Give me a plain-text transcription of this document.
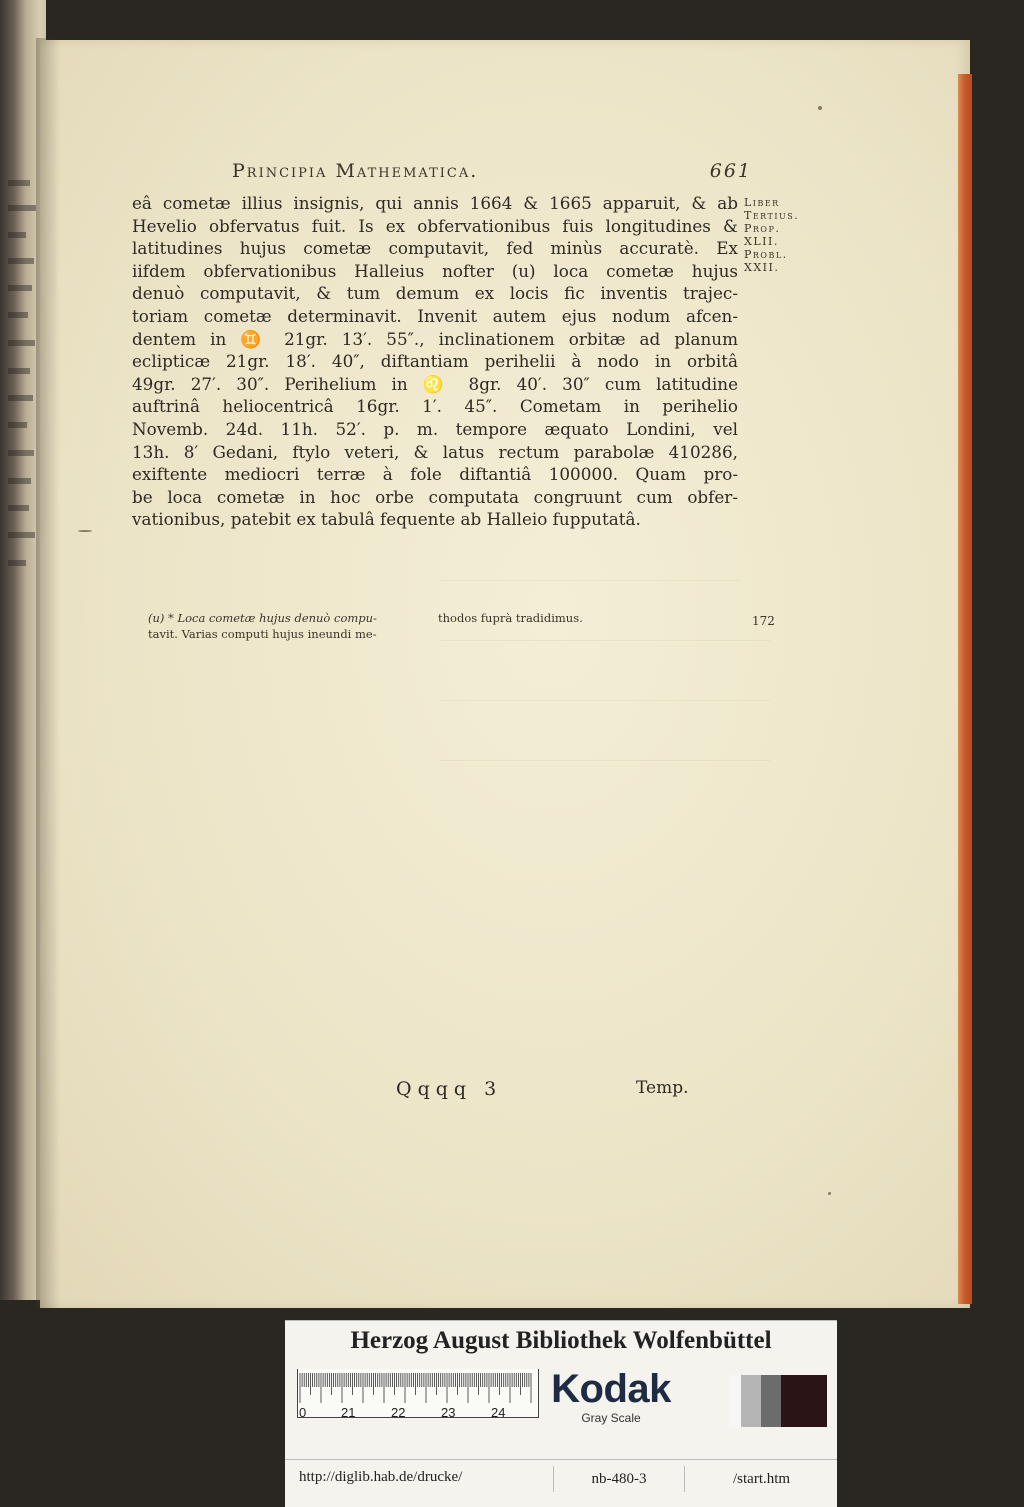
Principia Mathematica.	661
eâ cometæ illius insignis, qui annis 1664 & 1665 apparuit, & ab
Hevelio obfervatus fuit. Is ex obfervationibus fuis longitudines &
latitudines hujus cometæ computavit, fed minùs accuratè. Ex
iifdem obfervationibus Halleius nofter (u) loca cometæ hujus
denuò computavit, & tum demum ex locis fic inventis trajec-
toriam cometæ determinavit. Invenit autem ejus nodum afcen-
dentem in ♊ 21gr. 13′. 55″., inclinationem orbitæ ad planum
eclipticæ 21gr. 18′. 40″, diftantiam perihelii à nodo in orbitâ
49gr. 27′. 30″. Perihelium in ♌ 8gr. 40′. 30″ cum latitudine
auftrinâ heliocentricâ 16gr. 1′. 45″. Cometam in perihelio
Novemb. 24d. 11h. 52′. p. m. tempore æquato Londini, vel
13h. 8′ Gedani, ftylo veteri, & latus rectum parabolæ 410286,
exiftente mediocri terræ à fole diftantiâ 100000. Quam pro-
be loca cometæ in hoc orbe computata congruunt cum obfer-
vationibus, patebit ex tabulâ fequente ab Halleio fupputatâ.
Liber
Tertius.
Prop.
XLII.
Probl.
XXII.
(u) * Loca cometæ hujus denuò compu-
tavit. Varias computi hujus ineundi me-
thodos fuprà tradidimus.	172
Qqqq 3	Temp.
Herzog August Bibliothek Wolfenbüttel
0	21	22	23	24
Kodak
Gray Scale
http://diglib.hab.de/drucke/	nb-480-3	/start.htm
